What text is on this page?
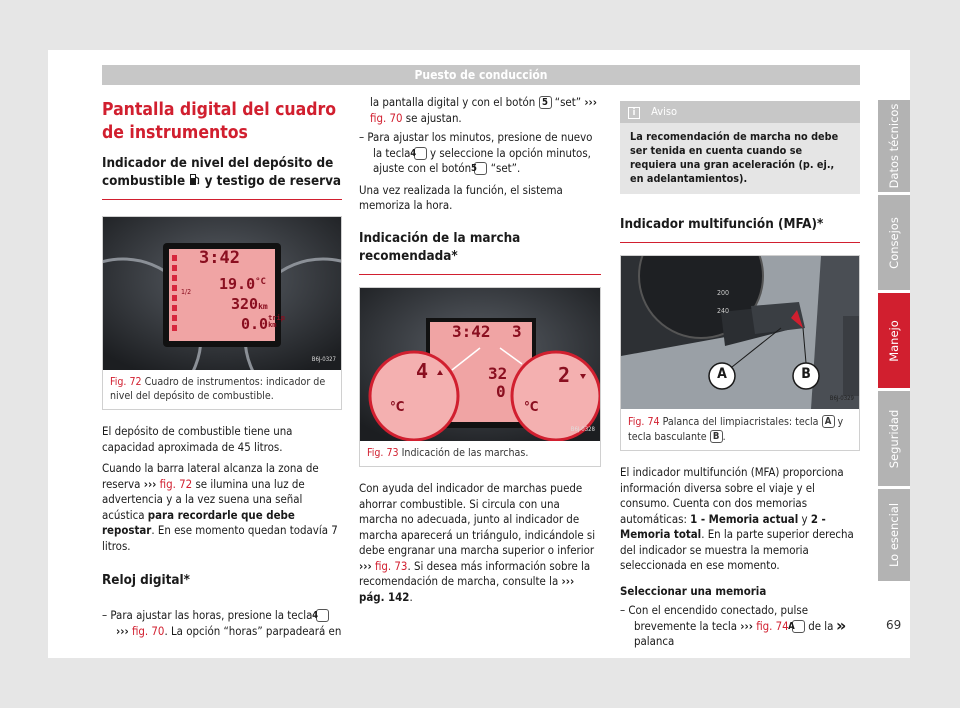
Puesto de conducción
Pantalla digital del cuadro de instrumentos
Indicador de nivel del depósito de combustible y testigo de reserva
3:42
1/2 $19.0^{^\circ C}$
320km
0.0trip
km
B6J-0327
Fig. 72 Cuadro de instrumentos: indicador de nivel del depósito de combustible.

El depósito de combustible tiene una capacidad aproximada de 45 litros.

Cuando la barra lateral alcanza la zona de reserva ››› fig. 72 se ilumina una luz de advertencia y a la vez suena una señal acústica para recordarle que debe repostar. En ese momento quedan todavía 7 litros.

Reloj digital*
– Para ajustar las horas, presione la tecla 4 ››› fig. 70. La opción “horas” parpadeará en
la pantalla digital y con el botón 5 “set” ››› fig. 70 se ajustan.
– Para ajustar los minutos, presione de nuevo la tecla 4 y seleccione la opción minutos, ajuste con el botón 5 “set”.

Una vez realizada la función, el sistema memoriza la hora.

Indicación de la marcha recomendada*
3:42 3
4
°C
32
0
2
°C
B6J-0328
Fig. 73 Indicación de las marchas.

Con ayuda del indicador de marchas puede ahorrar combustible. Si circula con una marcha no adecuada, junto al indicador de marcha aparecerá un triángulo, indicándole si debe engranar una marcha superior o inferior ››› fig. 73. Si desea más información sobre la recomendación de marcha, consulte la ››› pág. 142.

i Aviso
La recomendación de marcha no debe ser tenida en cuenta cuando se requiera una gran aceleración (p. ej., en adelantamientos).
Indicador multifunción (MFA)*
200
240
A	B
B6J-0329
Fig. 74 Palanca del limpiacristales: tecla A y tecla basculante B .

El indicador multifunción (MFA) proporciona información diversa sobre el viaje y el consumo. Cuenta con dos memorias automáticas: 1 - Memoria actual y 2 - Memoria total. En la parte superior derecha del indicador se muestra la memoria seleccionada en ese momento.

Seleccionar una memoria
– Con el encendido conectado, pulse brevemente la tecla ››› fig. 74 A de la palanca
Datos técnicos
Consejos
Manejo
Seguridad
Lo esencial
»	69
